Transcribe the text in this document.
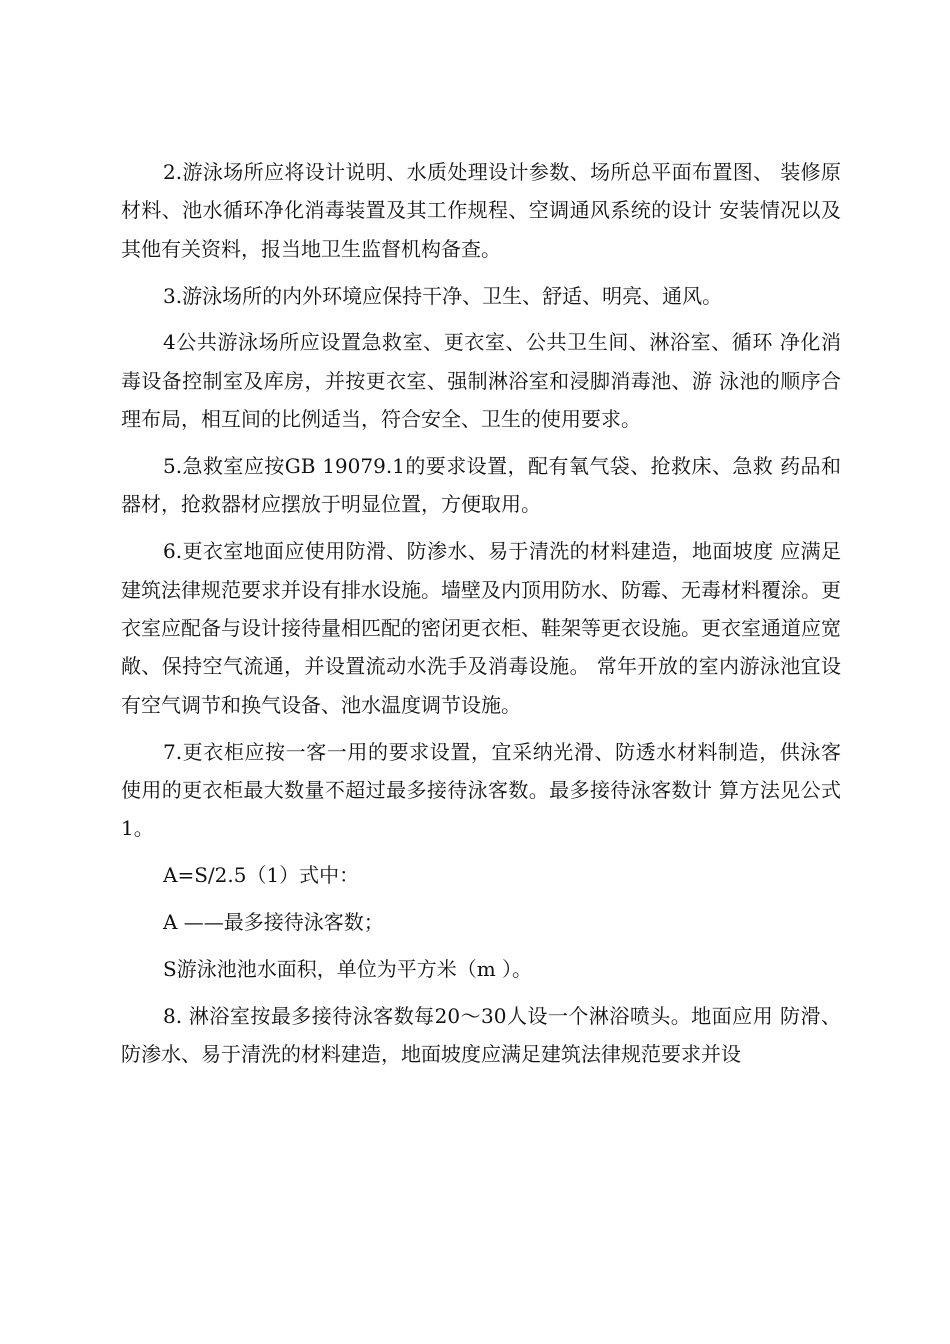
2.游泳场所应将设计说明、水质处理设计参数、场所总平面布置图、 装修原材料、池水循环净化消毒装置及其工作规程、空调通风系统的设计 安装情况以及其他有关资料，报当地卫生监督机构备查。

3.游泳场所的内外环境应保持干净、卫生、舒适、明亮、通风。

4公共游泳场所应设置急救室、更衣室、公共卫生间、淋浴室、循环 净化消毒设备控制室及库房，并按更衣室、强制淋浴室和浸脚消毒池、游 泳池的顺序合理布局，相互间的比例适当，符合安全、卫生的使用要求。

5.急救室应按GB 19079.1的要求设置，配有氧气袋、抢救床、急救 药品和器材，抢救器材应摆放于明显位置，方便取用。

6.更衣室地面应使用防滑、防渗水、易于清洗的材料建造，地面坡度 应满足建筑法律规范要求并设有排水设施。墙壁及内顶用防水、防霉、无毒材料覆涂。更衣室应配备与设计接待量相匹配的密闭更衣柜、鞋架等更衣设施。更衣室通道应宽敞、保持空气流通，并设置流动水洗手及消毒设施。 常年开放的室内游泳池宜设有空气调节和换气设备、池水温度调节设施。

7.更衣柜应按一客一用的要求设置，宜采纳光滑、防透水材料制造，供泳客使用的更衣柜最大数量不超过最多接待泳客数。最多接待泳客数计 算方法见公式1。

A=S/2.5（1）式中：

A ——最多接待泳客数；

S游泳池池水面积，单位为平方米（m ）。

8. 淋浴室按最多接待泳客数每20〜30人设一个淋浴喷头。地面应用 防滑、防渗水、易于清洗的材料建造，地面坡度应满足建筑法律规范要求并设
